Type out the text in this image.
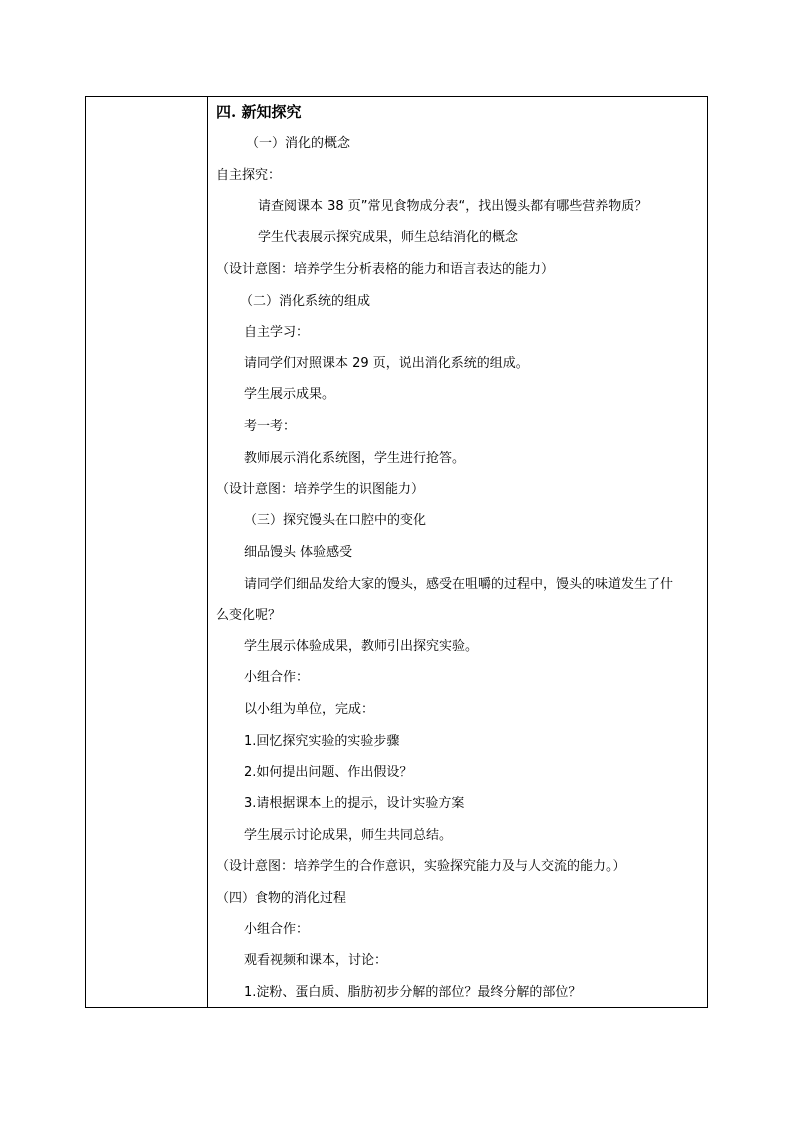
四. 新知探究
（一）消化的概念
自主探究：
请查阅课本 38 页”常见食物成分表“，找出馒头都有哪些营养物质？
学生代表展示探究成果，师生总结消化的概念
（设计意图：培养学生分析表格的能力和语言表达的能力）
（二）消化系统的组成
自主学习：
请同学们对照课本 29 页，说出消化系统的组成。
学生展示成果。
考一考：
教师展示消化系统图，学生进行抢答。
（设计意图：培养学生的识图能力）
（三）探究馒头在口腔中的变化
细品馒头 体验感受
请同学们细品发给大家的馒头，感受在咀嚼的过程中，馒头的味道发生了什
么变化呢？
学生展示体验成果，教师引出探究实验。
小组合作：
以小组为单位，完成：
1.回忆探究实验的实验步骤
2.如何提出问题、作出假设？
3.请根据课本上的提示，设计实验方案
学生展示讨论成果，师生共同总结。
（设计意图：培养学生的合作意识，实验探究能力及与人交流的能力。）
（四）食物的消化过程
小组合作：
观看视频和课本，讨论：
1.淀粉、蛋白质、脂肪初步分解的部位？最终分解的部位？
